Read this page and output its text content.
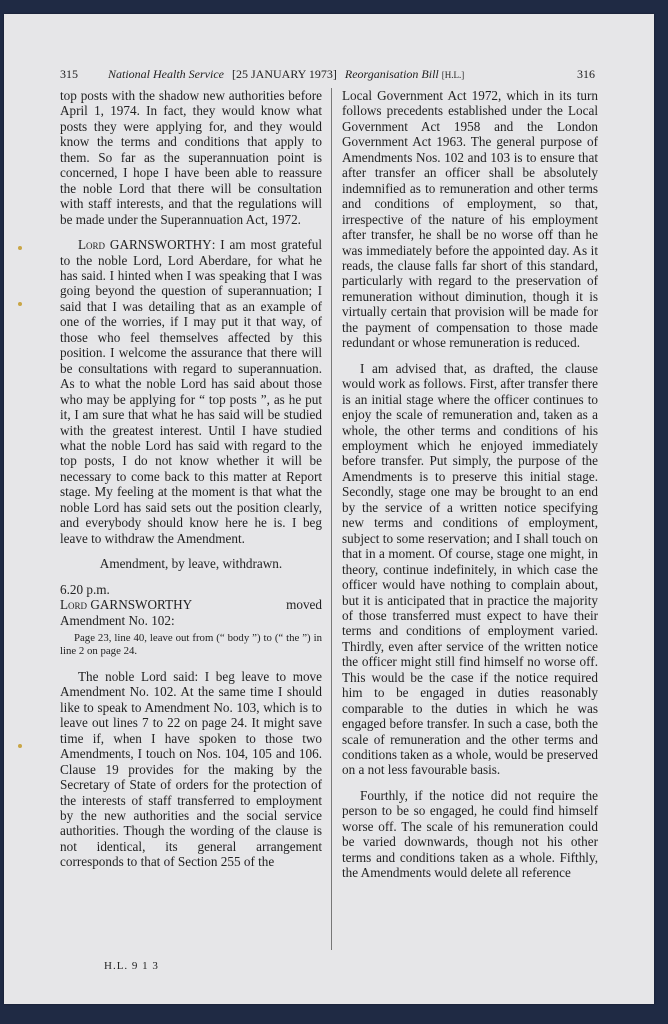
315	National Health Service [25 JANUARY 1973] Reorganisation Bill [H.L.]	316

top posts with the shadow new authorities before April 1, 1974. In fact, they would know what posts they were applying for, and they would know the terms and conditions that apply to them. So far as the superannuation point is concerned, I hope I have been able to reassure the noble Lord that there will be consultation with staff interests, and that the regulations will be made under the Superannuation Act, 1972.

Lord GARNSWORTHY: I am most grateful to the noble Lord, Lord Aberdare, for what he has said. I hinted when I was speaking that I was going beyond the question of superannuation; I said that I was detailing that as an example of one of the worries, if I may put it that way, of those who feel themselves affected by this position. I welcome the assurance that there will be consultations with regard to superannuation. As to what the noble Lord has said about those who may be applying for “ top posts ”, as he put it, I am sure that what he has said will be studied with the greatest interest. Until I have studied what the noble Lord has said with regard to the top posts, I do not know whether it will be necessary to come back to this matter at Report stage. My feeling at the moment is that what the noble Lord has said sets out the position clearly, and everybody should know here he is. I beg leave to withdraw the Amendment.

Amendment, by leave, withdrawn.

6.20 p.m.

Lord GARNSWORTHY	moved

Amendment No. 102:

Page 23, line 40, leave out from (“ body ”) to (“ the ”) in line 2 on page 24.

The noble Lord said: I beg leave to move Amendment No. 102. At the same time I should like to speak to Amendment No. 103, which is to leave out lines 7 to 22 on page 24. It might save time if, when I have spoken to those two Amendments, I touch on Nos. 104, 105 and 106. Clause 19 provides for the making by the Secretary of State of orders for the protection of the interests of staff transferred to employment by the new authorities and the social service authorities. Though the wording of the clause is not identical, its general arrangement corresponds to that of Section 255 of the

Local Government Act 1972, which in its turn follows precedents established under the Local Government Act 1958 and the London Government Act 1963. The general purpose of Amendments Nos. 102 and 103 is to ensure that after transfer an officer shall be absolutely indemnified as to remuneration and other terms and conditions of employment, so that, irrespective of the nature of his employment after transfer, he shall be no worse off than he was immediately before the appointed day. As it reads, the clause falls far short of this standard, particularly with regard to the preservation of remuneration without diminution, though it is virtually certain that provision will be made for the payment of compensation to those made redundant or whose remuneration is reduced.

I am advised that, as drafted, the clause would work as follows. First, after transfer there is an initial stage where the officer continues to enjoy the scale of remuneration and, taken as a whole, the other terms and conditions of his employment which he enjoyed immediately before transfer. Put simply, the purpose of the Amendments is to preserve this initial stage. Secondly, stage one may be brought to an end by the service of a written notice specifying new terms and conditions of employment, subject to some reservation; and I shall touch on that in a moment. Of course, stage one might, in theory, continue indefinitely, in which case the officer would have nothing to complain about, but it is anticipated that in practice the majority of those transferred must expect to have their terms and conditions of employment varied. Thirdly, even after service of the written notice the officer might still find himself no worse off. This would be the case if the notice required him to be engaged in duties reasonably comparable to the duties in which he was engaged before transfer. In such a case, both the scale of remuneration and the other terms and conditions taken as a whole, would be preserved on a not less favourable basis.

Fourthly, if the notice did not require the person to be so engaged, he could find himself worse off. The scale of his remuneration could be varied downwards, though not his other terms and conditions taken as a whole. Fifthly, the Amendments would delete all reference

H.L. 9 1 3
